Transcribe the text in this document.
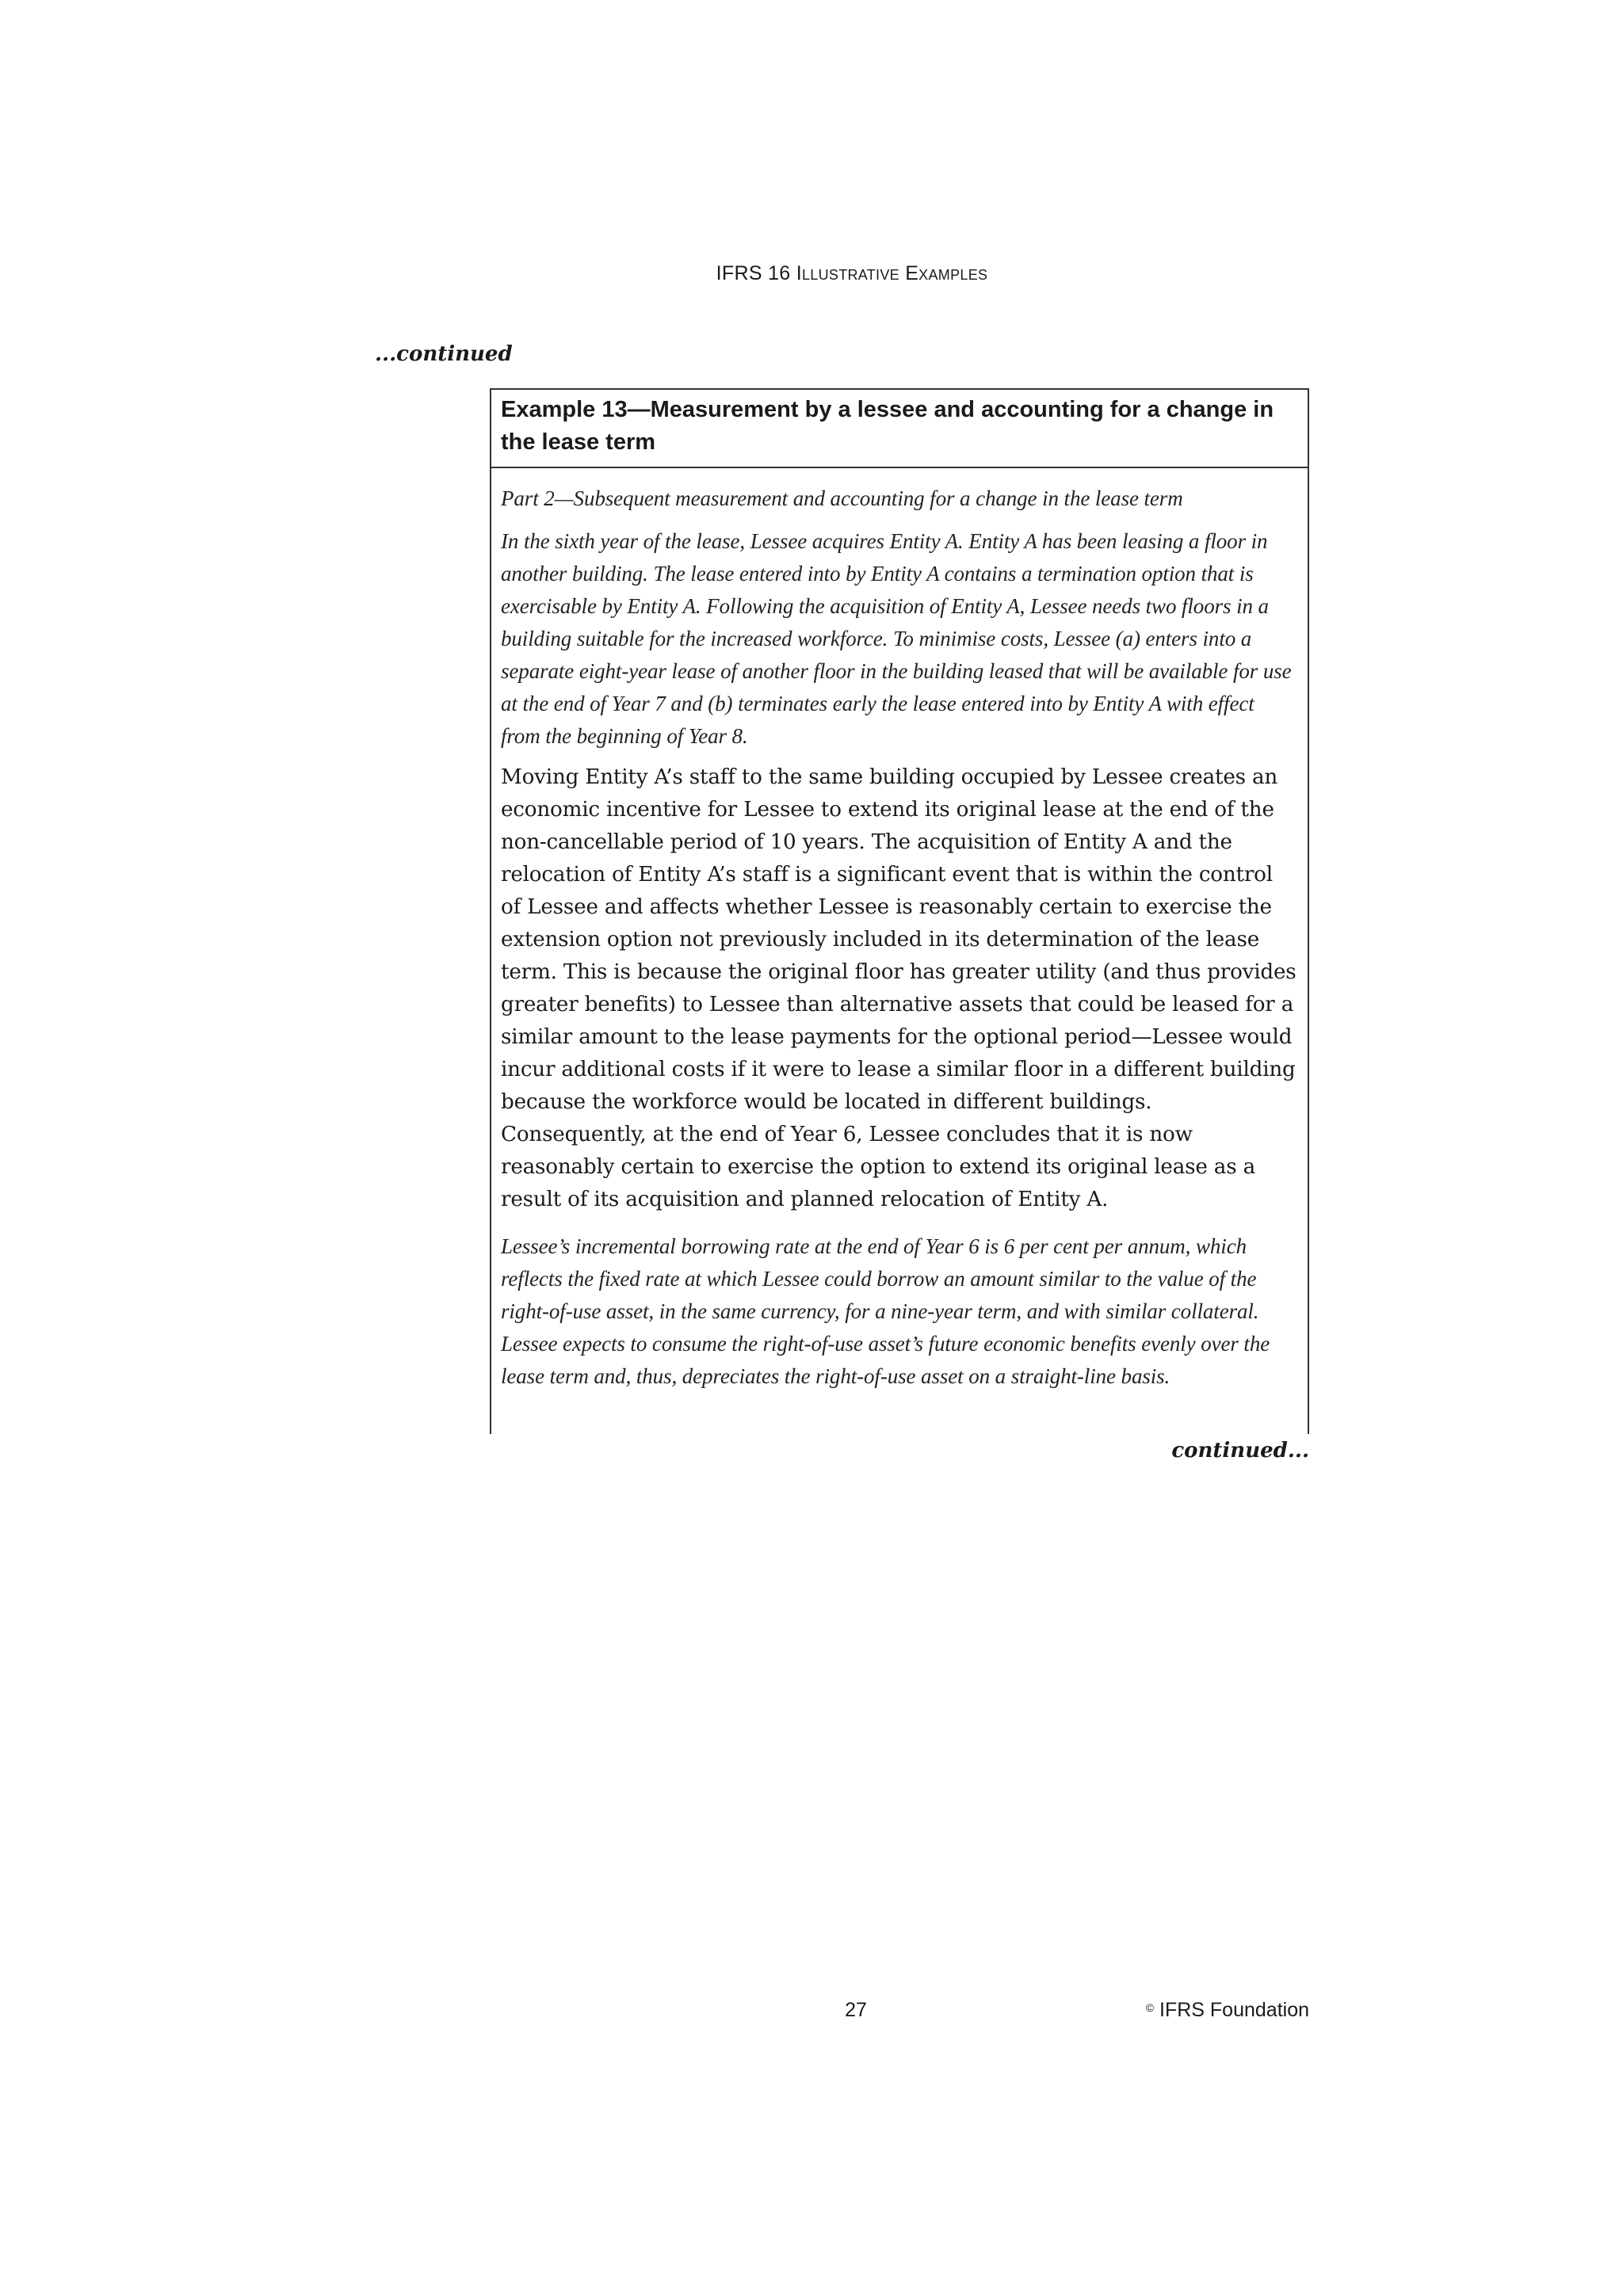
IFRS 16 Illustrative Examples
...continued
Example 13—Measurement by a lessee and accounting for a change in the lease term

Part 2—Subsequent measurement and accounting for a change in the lease term

In the sixth year of the lease, Lessee acquires Entity A. Entity A has been leasing a floor in another building. The lease entered into by Entity A contains a termination option that is exercisable by Entity A. Following the acquisition of Entity A, Lessee needs two floors in a building suitable for the increased workforce. To minimise costs, Lessee (a) enters into a separate eight-year lease of another floor in the building leased that will be available for use at the end of Year 7 and (b) terminates early the lease entered into by Entity A with effect from the beginning of Year 8.

Moving Entity A’s staff to the same building occupied by Lessee creates an economic incentive for Lessee to extend its original lease at the end of the non-cancellable period of 10 years. The acquisition of Entity A and the relocation of Entity A’s staff is a significant event that is within the control of Lessee and affects whether Lessee is reasonably certain to exercise the extension option not previously included in its determination of the lease term. This is because the original floor has greater utility (and thus provides greater benefits) to Lessee than alternative assets that could be leased for a similar amount to the lease payments for the optional period—Lessee would incur additional costs if it were to lease a similar floor in a different building because the workforce would be located in different buildings. Consequently, at the end of Year 6, Lessee concludes that it is now reasonably certain to exercise the option to extend its original lease as a result of its acquisition and planned relocation of Entity A.

Lessee’s incremental borrowing rate at the end of Year 6 is 6 per cent per annum, which reflects the fixed rate at which Lessee could borrow an amount similar to the value of the right-of-use asset, in the same currency, for a nine-year term, and with similar collateral. Lessee expects to consume the right-of-use asset’s future economic benefits evenly over the lease term and, thus, depreciates the right-of-use asset on a straight-line basis.

continued...
27	© IFRS Foundation
